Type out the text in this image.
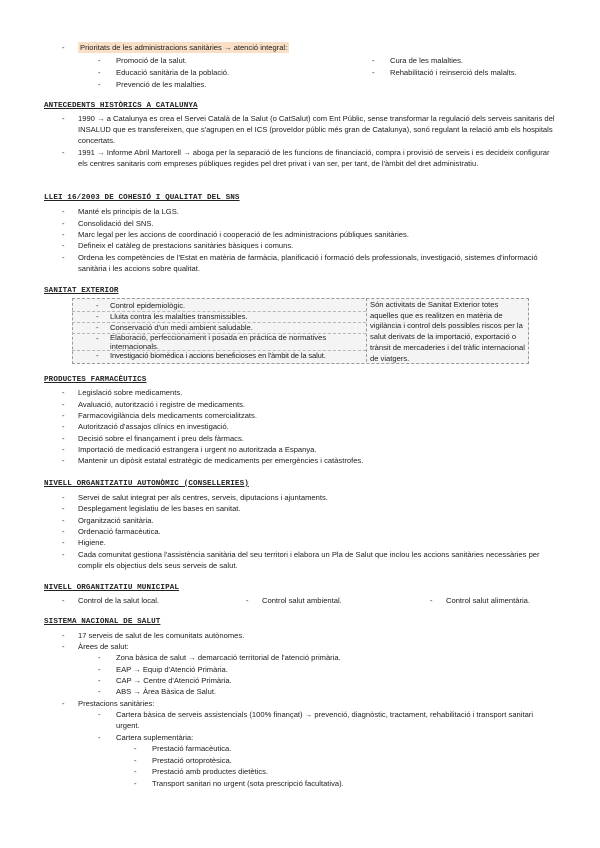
- Prioritats de les administracions sanitàries → atenció integral:
- Promoció de la salut.
- Educació sanitària de la població.
- Prevenció de les malalties.
- Cura de les malalties.
- Rehabilitació i reinserció dels malalts.
ANTECEDENTS HISTÒRICS A CATALUNYA
- 1990 → a Catalunya es crea el Servei Català de la Salut (o CatSalut) com Ent Públic, sense transformar la regulació dels serveis sanitaris del INSALUD que es transfereixen, que s'agrupen en el ICS (proveïdor públic més gran de Catalunya), sonó regulant la relació amb els hospitals concertats.
- 1991 → Informe Abril Martorell → aboga per la separació de les funcions de financiació, compra i provisió de serveis i es decideix configurar els centres sanitaris com empreses públiques regides pel dret privat i van ser, per tant, de l'àmbit del dret administratiu.
LLEI 16/2003 DE COHESIÓ I QUALITAT DEL SNS
- Manté els principis de la LGS.
- Consolidació del SNS.
- Marc legal per les accions de coordinació i cooperació de les administracions públiques sanitàries.
- Defineix el catàleg de prestacions sanitàries bàsiques i comuns.
- Ordena les competències de l'Estat en matèria de farmàcia, planificació i formació dels professionals, investigació, sistemes d'informació sanitària i les accions sobre qualitat.
SANITAT EXTERIOR
- Control epidemiològic.
- Lluita contra les malalties transmissibles.
- Conservació d'un medi ambient saludable.
- Elaboració, perfeccionament i posada en pràctica de normatives internacionals.
- Investigació biomèdica i accions beneficioses en l'àmbit de la salut.
Són activitats de Sanitat Exterior totes aquelles que es realitzen en matèria de vigilància i control dels possibles riscos per la salut derivats de la importació, exportació o trànsit de mercaderies i del tràfic internacional de viatgers.
PRODUCTES FARMACÈUTICS
- Legislació sobre medicaments.
- Avaluació, autorització i registre de medicaments.
- Farmacovigilància dels medicaments comercialitzats.
- Autorització d'assajos clínics en investigació.
- Decisió sobre el finançament i preu dels fàrmacs.
- Importació de medicació estrangera i urgent no autoritzada a Espanya.
- Mantenir un dipòsit estatal estratègic de medicaments per emergències i catàstrofes.
NIVELL ORGANITZATIU AUTONÒMIC (CONSELLERIES)
- Servei de salut integrat per als centres, serveis, diputacions i ajuntaments.
- Desplegament legislatiu de les bases en sanitat.
- Organització sanitària.
- Ordenació farmacèutica.
- Higiene.
- Cada comunitat gestiona l'assistència sanitària del seu territori i elabora un Pla de Salut que inclou les accions sanitàries necessàries per complir els objectius dels seus serveis de salut.
NIVELL ORGANITZATIU MUNICIPAL
- Control de la salut local.	- Control salut ambiental.	- Control salut alimentària.
SISTEMA NACIONAL DE SALUT
- 17 serveis de salut de les comunitats autònomes.
- Àrees de salut:
- Zona bàsica de salut → demarcació territorial de l'atenció primària.
- EAP → Equip d'Atenció Primària.
- CAP → Centre d'Atenció Primària.
- ABS → Àrea Bàsica de Salut.
- Prestacions sanitàries:
- Cartera bàsica de serveis assistencials (100% finançat) → prevenció, diagnòstic, tractament, rehabilitació i transport sanitari urgent.
- Cartera suplementària:
- Prestació farmacèutica.
- Prestació ortoprotèsica.
- Prestació amb productes dietètics.
- Transport sanitari no urgent (sota prescripció facultativa).
